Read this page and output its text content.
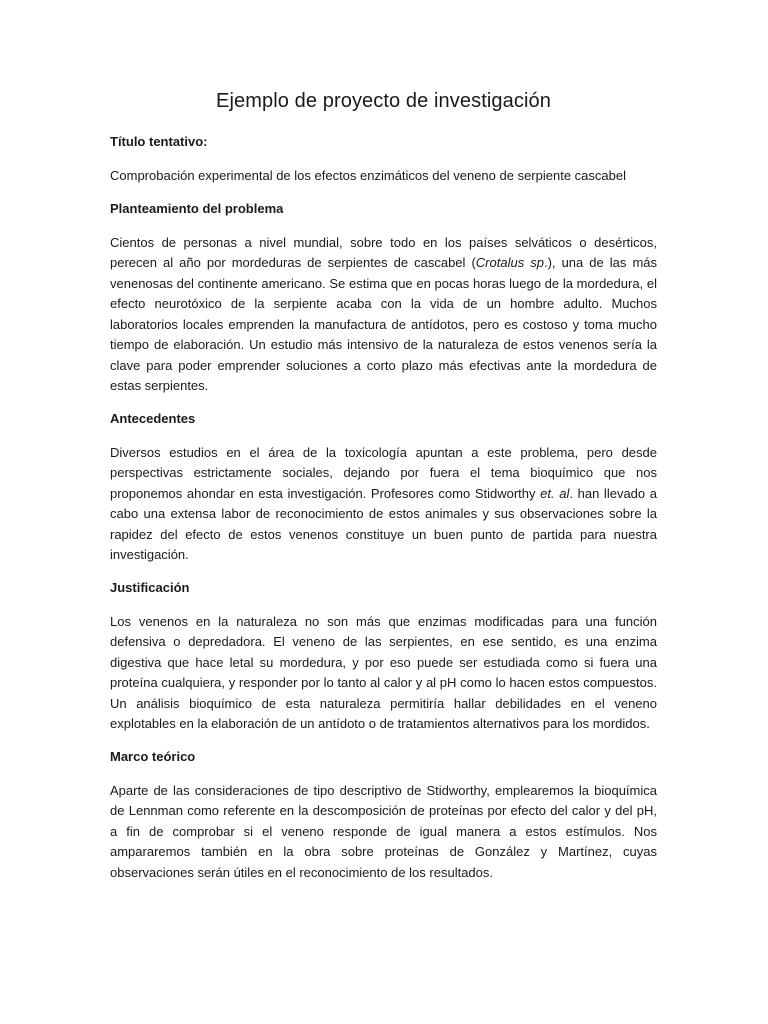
Ejemplo de proyecto de investigación
Título tentativo:

Comprobación experimental de los efectos enzimáticos del veneno de serpiente cascabel

Planteamiento del problema

Cientos de personas a nivel mundial, sobre todo en los países selváticos o desérticos, perecen al año por mordeduras de serpientes de cascabel (Crotalus sp.), una de las más venenosas del continente americano. Se estima que en pocas horas luego de la mordedura, el efecto neurotóxico de la serpiente acaba con la vida de un hombre adulto. Muchos laboratorios locales emprenden la manufactura de antídotos, pero es costoso y toma mucho tiempo de elaboración. Un estudio más intensivo de la naturaleza de estos venenos sería la clave para poder emprender soluciones a corto plazo más efectivas ante la mordedura de estas serpientes.

Antecedentes

Diversos estudios en el área de la toxicología apuntan a este problema, pero desde perspectivas estrictamente sociales, dejando por fuera el tema bioquímico que nos proponemos ahondar en esta investigación. Profesores como Stidworthy et. al. han llevado a cabo una extensa labor de reconocimiento de estos animales y sus observaciones sobre la rapidez del efecto de estos venenos constituye un buen punto de partida para nuestra investigación.

Justificación

Los venenos en la naturaleza no son más que enzimas modificadas para una función defensiva o depredadora. El veneno de las serpientes, en ese sentido, es una enzima digestiva que hace letal su mordedura, y por eso puede ser estudiada como si fuera una proteína cualquiera, y responder por lo tanto al calor y al pH como lo hacen estos compuestos. Un análisis bioquímico de esta naturaleza permitiría hallar debilidades en el veneno explotables en la elaboración de un antídoto o de tratamientos alternativos para los mordidos.

Marco teórico

Aparte de las consideraciones de tipo descriptivo de Stidworthy, emplearemos la bioquímica de Lennman como referente en la descomposición de proteínas por efecto del calor y del pH, a fin de comprobar si el veneno responde de igual manera a estos estímulos. Nos ampararemos también en la obra sobre proteínas de González y Martínez, cuyas observaciones serán útiles en el reconocimiento de los resultados.
